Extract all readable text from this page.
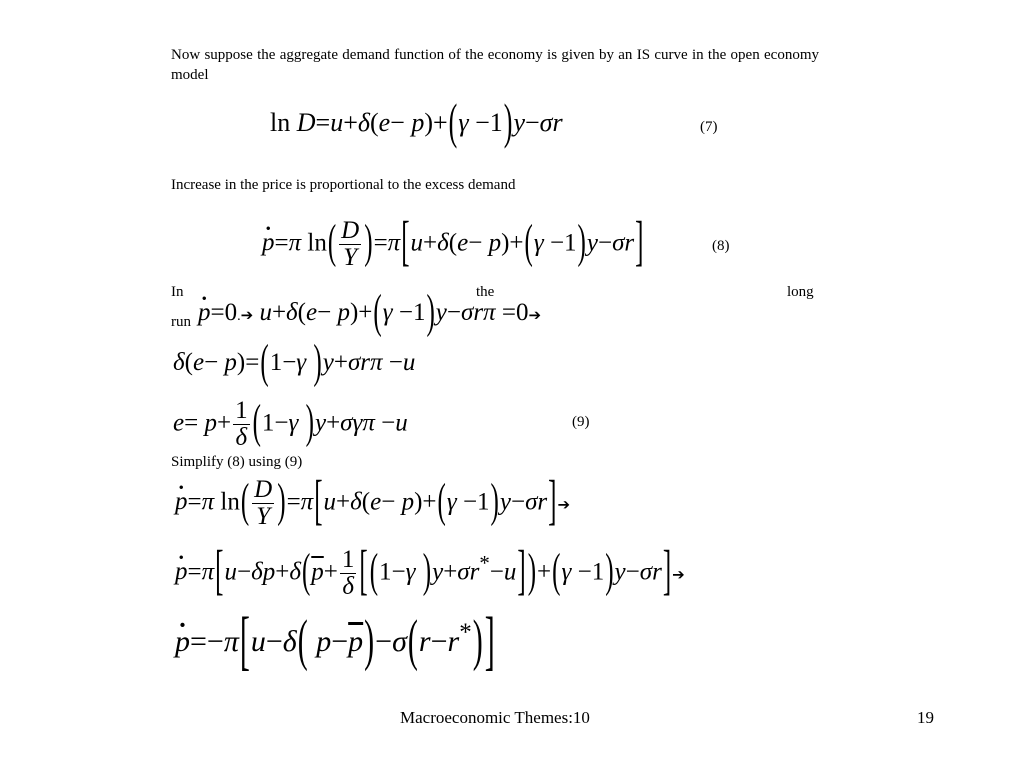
Now suppose the aggregate demand function of the economy is given by an IS curve in the open economy model
ln D=u+δ(e− p)+(γ −1)y−σr	(7)
Increase in the price is proportional to the excess demand
· p=π $\ln( \frac{D}{Y} )=\pi[u+\delta(e- p)+(\gamma -1)y-\sigma r]$	(8)
In	the	long
run · p=0.➔ u+δ(e− p)+(γ −1)y−σrπ =0➔
δ(e− p)=(1−γ )y+σrπ −u
$e= p+ \frac{1}{\delta} (1-\gamma$ )y+σγπ −u	(9)
Simplify (8) using (9)
· p=π $\ln( \frac{D}{Y} )=\pi[u+\delta(e- p)+(\gamma$ −1)y−σr]➔
· $p=\pi[u-\delta p+\delta(\overline{p}+ \frac{1}{\delta} [(1-\gamma$ )y+σr*−u])+(γ −1)y−σr]➔
· p=−π[u−δ( $p-\overline{p})-\sigma(r-r^*)$]
Macroeconomic Themes:10	19
